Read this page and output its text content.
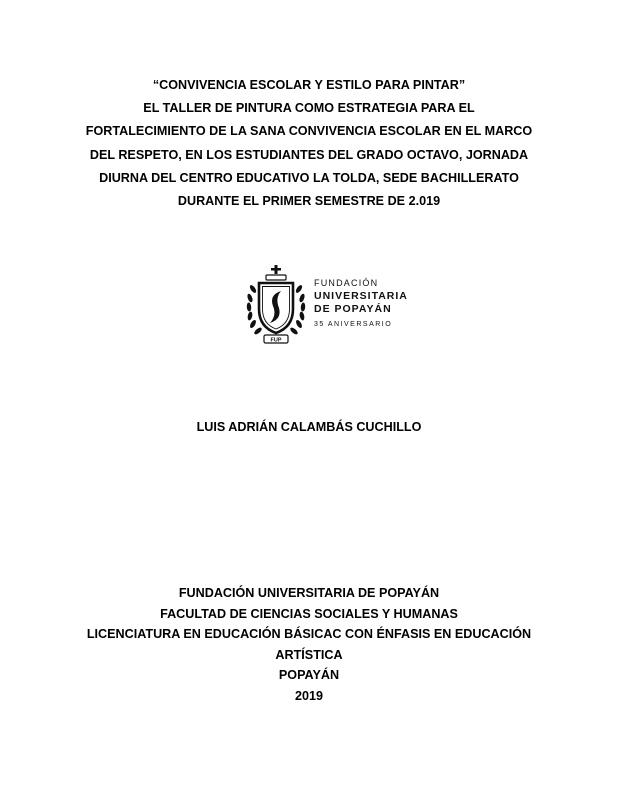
“CONVIVENCIA ESCOLAR Y ESTILO PARA PINTAR”
EL TALLER DE PINTURA COMO ESTRATEGIA PARA EL
FORTALECIMIENTO DE LA SANA CONVIVENCIA ESCOLAR EN EL MARCO
DEL RESPETO, EN LOS ESTUDIANTES DEL GRADO OCTAVO, JORNADA
DIURNA DEL CENTRO EDUCATIVO LA TOLDA, SEDE BACHILLERATO
DURANTE EL PRIMER SEMESTRE DE 2.019
FUP
FUNDACIÓN
UNIVERSITARIA
DE POPAYÁN
35 ANIVERSARIO
LUIS ADRIÁN CALAMBÁS CUCHILLO
FUNDACIÓN UNIVERSITARIA DE POPAYÁN
FACULTAD DE CIENCIAS SOCIALES Y HUMANAS
LICENCIATURA EN EDUCACIÓN BÁSICAC CON ÉNFASIS EN EDUCACIÓN
ARTÍSTICA
POPAYÁN
2019
